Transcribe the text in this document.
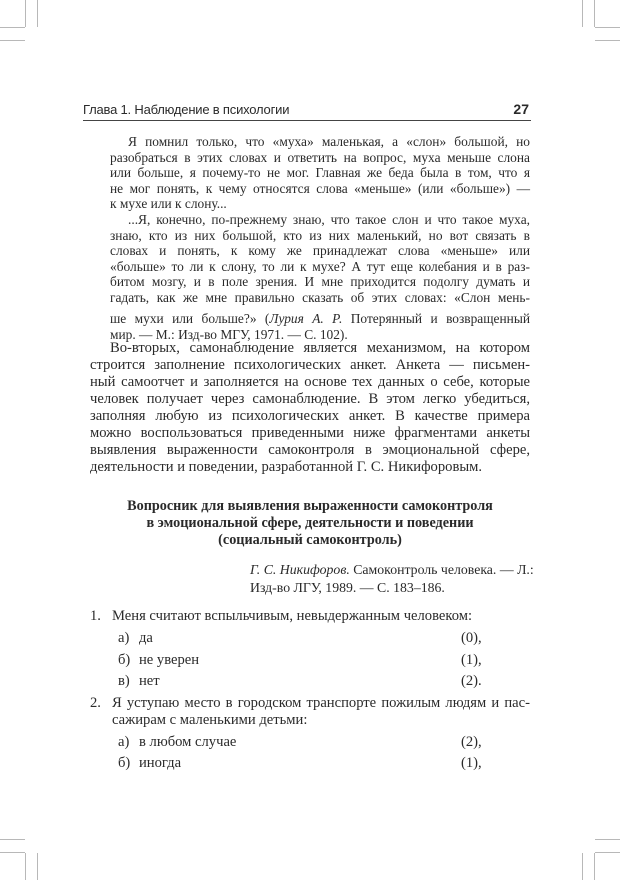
Глава 1. Наблюдение в психологии	27
Я помнил только, что «муха» маленькая, а «слон» большой, но
разобраться в этих словах и ответить на вопрос, муха меньше слона
или больше, я почему-то не мог. Главная же беда была в том, что я
не мог понять, к чему относятся слова «меньше» (или «больше») —
к мухе или к слону...
...Я, конечно, по-прежнему знаю, что такое слон и что такое муха,
знаю, кто из них большой, кто из них маленький, но вот связать в
словах и понять, к кому же принадлежат слова «меньше» или
«больше» то ли к слону, то ли к мухе? А тут еще колебания и в раз-
битом мозгу, и в поле зрения. И мне приходится подолгу думать и
гадать, как же мне правильно сказать об этих словах: «Слон мень-
ше мухи или больше?» (Лурия А. Р. Потерянный и возвращенный
мир. — М.: Изд-во МГУ, 1971. — С. 102).
Во-вторых, самонаблюдение является механизмом, на котором
строится заполнение психологических анкет. Анкета — письмен-
ный самоотчет и заполняется на основе тех данных о себе, которые
человек получает через самонаблюдение. В этом легко убедиться,
заполняя любую из психологических анкет. В качестве примера
можно воспользоваться приведенными ниже фрагментами анкеты
выявления выраженности самоконтроля в эмоциональной сфере,
деятельности и поведении, разработанной Г. С. Никифоровым.
Вопросник для выявления выраженности самоконтроля
в эмоциональной сфере, деятельности и поведении
(социальный самоконтроль)
Г. С. Никифоров. Самоконтроль человека. — Л.:
Изд-во ЛГУ, 1989. — С. 183–186.
1. Меня считают вспыльчивым, невыдержанным человеком:
а) да	(0),
б) не уверен	(1),
в) нет	(2).
2. Я уступаю место в городском транспорте пожилым людям и пас-
сажирам с маленькими детьми:
а) в любом случае	(2),
б) иногда	(1),
